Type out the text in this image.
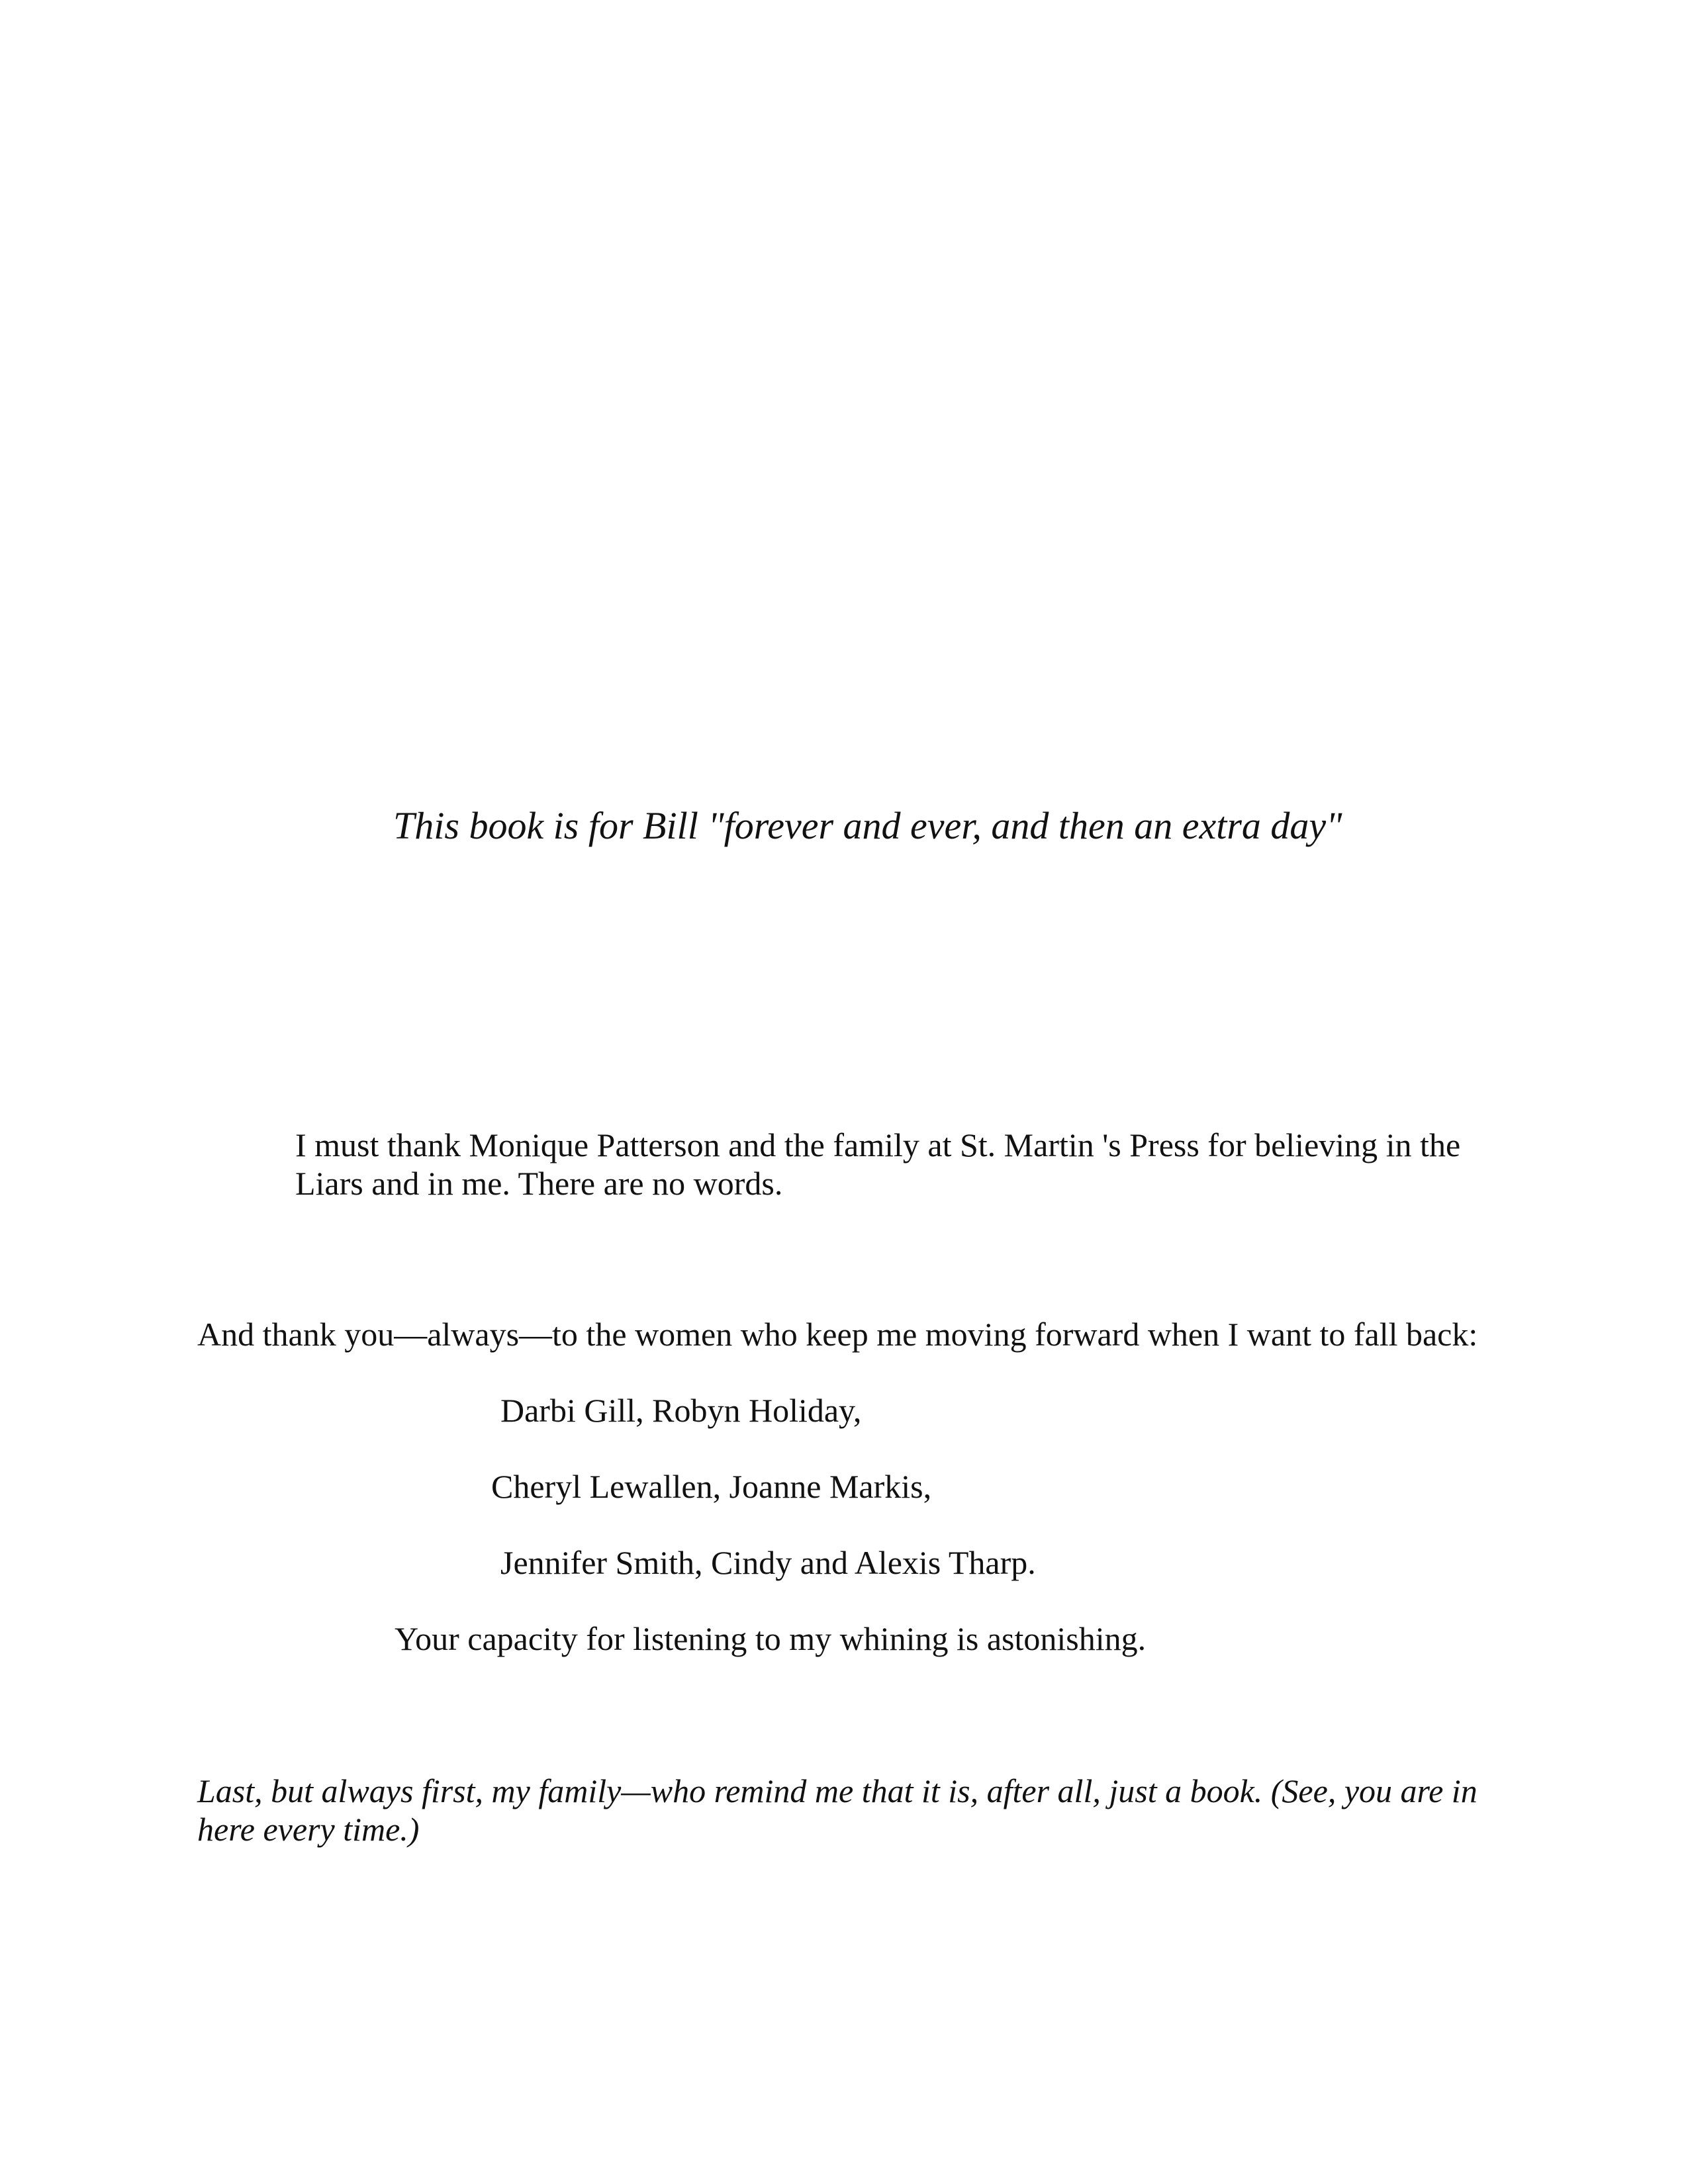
This book is for Bill "forever and ever, and then an extra day"

I must thank Monique Patterson and the family at St. Martin 's Press for believing in the

Liars and in me. There are no words.

And thank you—always—to the women who keep me moving forward when I want to fall back:

Darbi Gill, Robyn Holiday,

Cheryl Lewallen, Joanne Markis,

Jennifer Smith, Cindy and Alexis Tharp.

Your capacity for listening to my whining is astonishing.

Last, but always first, my family—who remind me that it is, after all, just a book. (See, you are in

here every time.)
